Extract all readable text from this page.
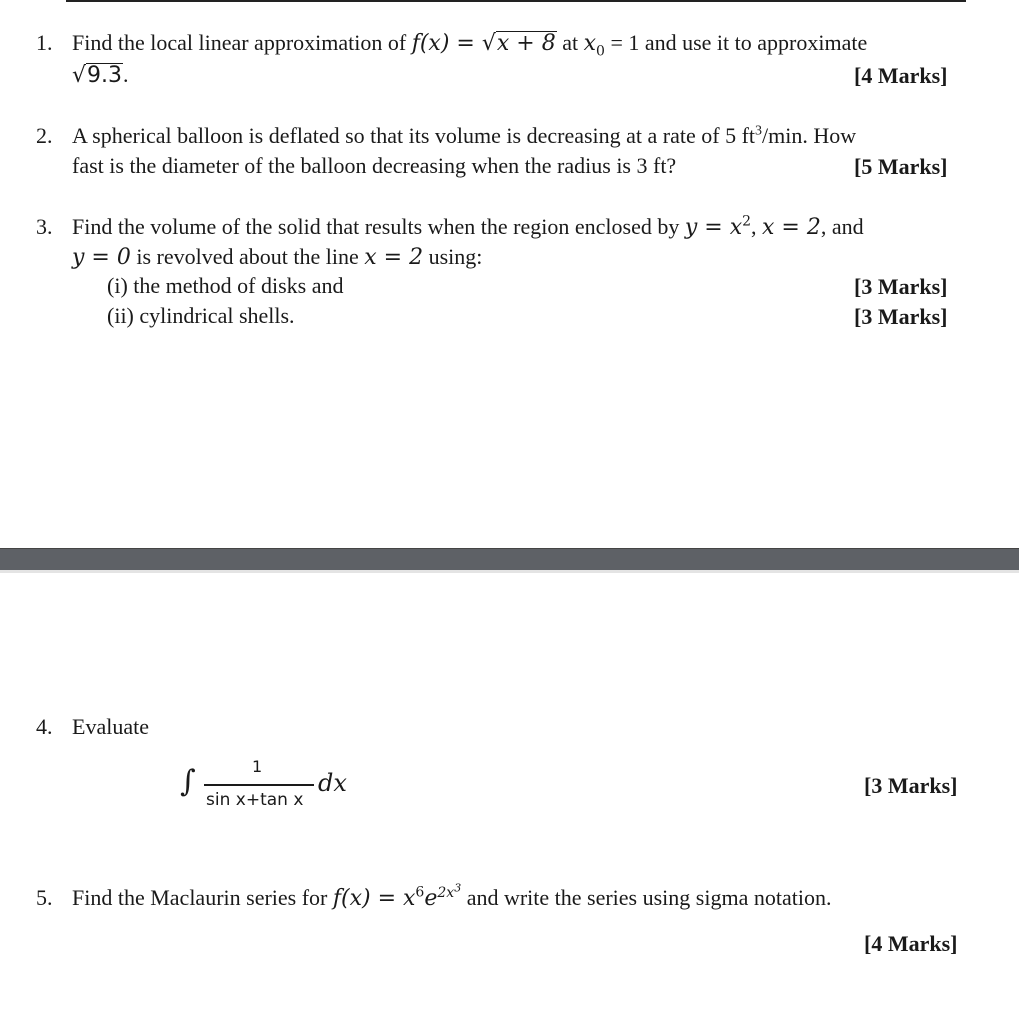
1. Find the local linear approximation of f(x) = √x + 8 at $x_0 = 1$ and use it to approximate
√9.3.	[4 Marks]
2. A spherical balloon is deflated so that its volume is decreasing at a rate of 5 $ft^3/\min$. How
fast is the diameter of the balloon decreasing when the radius is 3 ft?	[5 Marks]
3. Find the volume of the solid that results when the region enclosed by $y = x^2$, x = 2, and
y = 0 is revolved about the line x = 2 using:
(i) the method of disks and	[3 Marks]
(ii) cylindrical shells.	[3 Marks]
4. Evaluate
∫	1
sin x+tan x
dx	[3 Marks]
5. Find the Maclaurin series for $f(x) = x^6e^{2x^3}$ and write the series using sigma notation.
[4 Marks]
